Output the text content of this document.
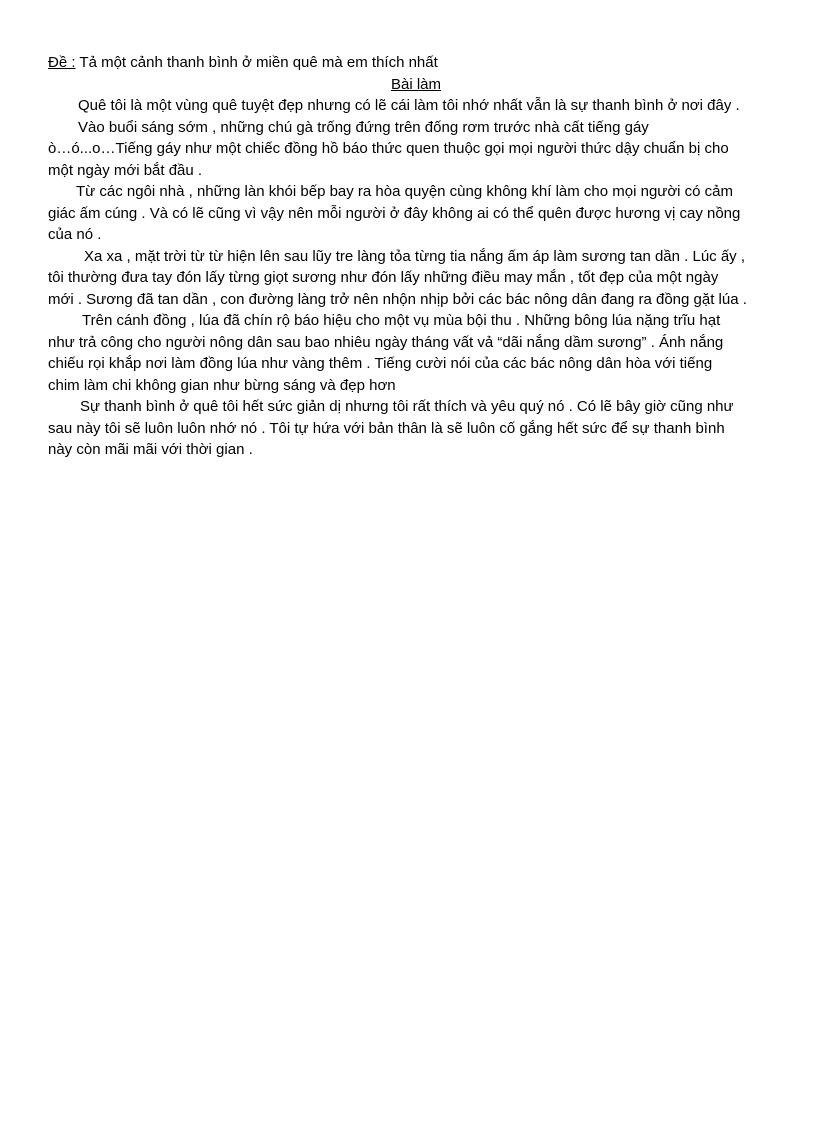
Đề : Tả một cảnh thanh bình ở miền quê mà em thích nhất
Bài làm
Quê tôi là một vùng quê tuyệt đẹp nhưng có lẽ cái làm tôi nhớ nhất vẫn là sự thanh bình ở nơi đây .
Vào buổi sáng sớm , những chú gà trống đứng trên đống rơm trước nhà cất tiếng gáy
ò…ó...o…Tiếng gáy như một chiếc đồng hồ báo thức quen thuộc gọi mọi người thức dậy chuẩn bị cho
một ngày mới bắt đầu .
Từ các ngôi nhà , những làn khói bếp bay ra hòa quyện cùng không khí làm cho mọi người có cảm
giác ấm cúng . Và có lẽ cũng vì vậy nên mỗi người ở đây không ai có thể quên được hương vị cay nồng
của nó .
Xa xa , mặt trời từ từ hiện lên sau lũy tre làng tỏa từng tia nắng ấm áp làm sương tan dần . Lúc ấy ,
tôi thường đưa tay đón lấy từng giọt sương như đón lấy những điều may mắn , tốt đẹp của một ngày
mới . Sương đã tan dần , con đường làng trở nên nhộn nhịp bởi các bác nông dân đang ra đồng gặt lúa .
Trên cánh đồng , lúa đã chín rộ báo hiệu cho một vụ mùa bội thu . Những bông lúa nặng trĩu hạt
như trả công cho người nông dân sau bao nhiêu ngày tháng vất vả “dãi nắng dầm sương” . Ánh nắng
chiếu rọi khắp nơi làm đồng lúa như vàng thêm . Tiếng cười nói của các bác nông dân hòa với tiếng
chim làm chi không gian như bừng sáng và đẹp hơn
Sự thanh bình ở quê tôi hết sức giản dị nhưng tôi rất thích và yêu quý nó . Có lẽ bây giờ cũng như
sau này tôi sẽ luôn luôn nhớ nó . Tôi tự hứa với bản thân là sẽ luôn cố gắng hết sức để sự thanh bình
này còn mãi mãi với thời gian .
